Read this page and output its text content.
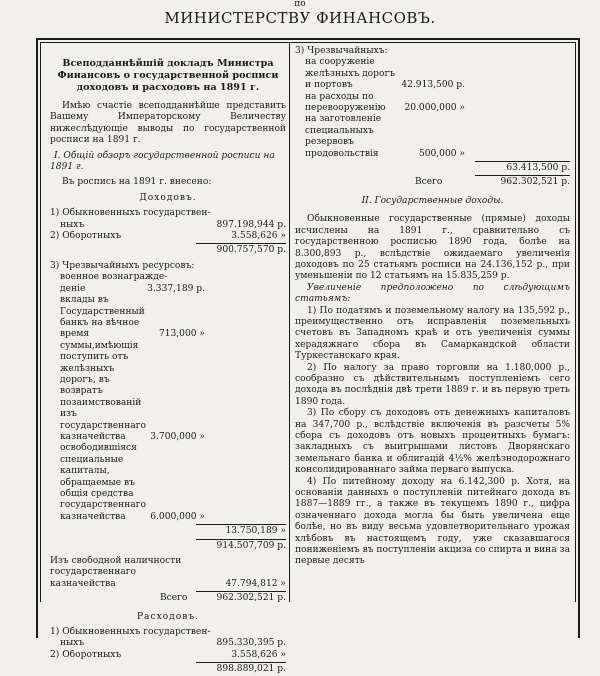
по
МИНИСТЕРСТВУ ФИНАНСОВЪ.
Всеподданнѣйшій докладъ Министра Финансовъ о государственной росписи доходовъ и расходовъ на 1891 г.

Имѣю счастіе всеподданнѣйше представить Вашему Императорскому Величеству нижеслѣдующіе выводы по государственной росписи на 1891 г.

I. Общій обзоръ государственной росписи на 1891 г.
Въ роспись на 1891 г. внесено:
Доходовъ.
1) Обыкновенныхъ государствен-
ныхъ	897.198,944 р.
2) Оборотныхъ	3.558,626 »
900.757,570 р.
3) Чрезвычайныхъ ресурсовъ:
военное вознагражде-
деніе	3.337,189 р.
вклады въ Государственный банкъ на вѣчное время	713,000 »
суммы,имѣющія поступить отъ желѣзныхъ дорогъ, въ возвратъ позаимствованій изъ государственнаго казначейства	3.700,000 »
освободившіяся специальные капиталы, обращаемые въ общія средства государственнаго казначейства	6.000,000 »
13.750,189 »
914.507,709 р.
Изъ свободной наличности государственнаго казначейства	47.794,812 »
Всего	962.302,521 р.
Расходовъ.
1) Обыкновенныхъ государствен-
ныхъ	895.330,395 р.
2) Оборотныхъ	3.558,626 »
898.889,021 р.
3) Чрезвычайныхъ:
на сооруженіе желѣзныхъ дорогъ
и портовъ	42.913,500 р.
на расходы по перевооруженію	20.000,000 »
на заготовленіе специальныхъ резервовъ продовольствія	500,000 »
63.413,500 р.
Всего	962.302,521 р.
II. Государственные доходы.

Обыкновенные государственные (прямые) доходы исчислены на 1891 г., сравнительно съ государственною росписью 1890 года, болѣе на 8.300,893 р., вслѣдствіе ожидаемаго увеличенія доходовъ по 25 статьямъ росписи на 24.136,152 р., при уменьшеніи по 12 статьямъ на 15.835,259 р.

Увеличеніе предположено по слѣдующимъ статьямъ:

1) По податямъ и поземельному налогу на 135,592 р., преимущественно отъ исправленія поземельныхъ счетовъ въ Западномъ краѣ и отъ увеличенія суммы херадяжнаго сбора въ Самаркандской области Туркестанскаго края.

2) По налогу за право торговли на 1.180,000 р., сообразно съ дѣйствительнымъ поступленіемъ сего дохода въ послѣднія двѣ трети 1889 г. и въ первую треть 1890 года.

3) По сбору съ доходовъ отъ денежныхъ капиталовъ на 347,700 р., вслѣдствіе включенія въ разсчеты 5% сбора съ доходовъ отъ новыхъ процентныхъ бумагъ: закладныхъ съ выигрышами листовъ Дворянскаго земельнаго банка и облигацій 4½% желѣзнодорожнаго консолидированнаго займа перваго выпуска.

4) По питейному доходу на 6.142,300 р. Хотя, на основаніи данныхъ о поступленіи питейнаго дохода въ 1887—1889 гг., а также въ текущемъ 1890 г., цифра означеннаго дохода могла бы быть увеличена еще болѣе, но въ виду весьма удовлетворительнаго урожая хлѣбовъ въ настоящемъ году, уже сказавшагося пониженіемъ въ поступленіи акциза со спирта и вина за первые десять
